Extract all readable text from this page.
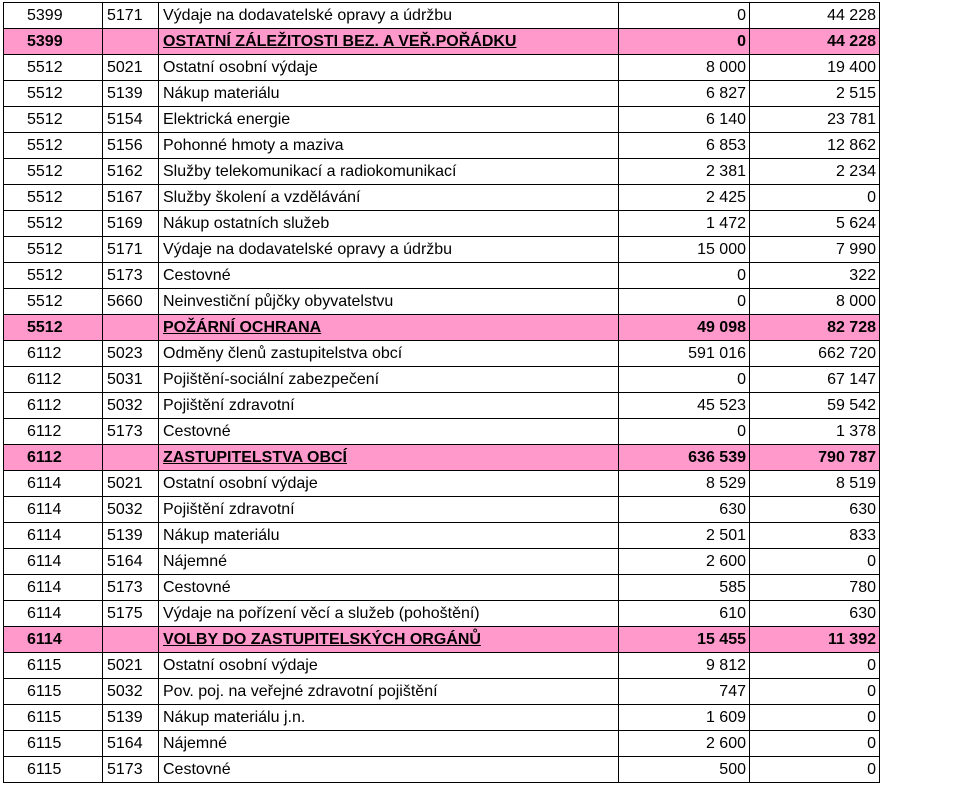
5399	5171	Výdaje na dodavatelské opravy a údržbu	0	44 228	
5399		OSTATNÍ ZÁLEŽITOSTI BEZ. A VEŘ.POŘÁDKU	0	44 228	
5512	5021	Ostatní osobní výdaje	8 000	19 400	
5512	5139	Nákup materiálu	6 827	2 515	
5512	5154	Elektrická energie	6 140	23 781	
5512	5156	Pohonné hmoty a maziva	6 853	12 862	
5512	5162	Služby telekomunikací a radiokomunikací	2 381	2 234	
5512	5167	Služby školení a vzdělávání	2 425	0	
5512	5169	Nákup ostatních služeb	1 472	5 624	
5512	5171	Výdaje na dodavatelské opravy a údržbu	15 000	7 990	
5512	5173	Cestovné	0	322	
5512	5660	Neinvestiční půjčky obyvatelstvu	0	8 000	
5512		POŽÁRNÍ OCHRANA	49 098	82 728	
6112	5023	Odměny členů zastupitelstva obcí	591 016	662 720	
6112	5031	Pojištění-sociální zabezpečení	0	67 147	
6112	5032	Pojištění zdravotní	45 523	59 542	
6112	5173	Cestovné	0	1 378	
6112		ZASTUPITELSTVA OBCÍ	636 539	790 787	
6114	5021	Ostatní osobní výdaje	8 529	8 519	
6114	5032	Pojištění zdravotní	630	630	
6114	5139	Nákup materiálu	2 501	833	
6114	5164	Nájemné	2 600	0	
6114	5173	Cestovné	585	780	
6114	5175	Výdaje na pořízení věcí a služeb (pohoštění)	610	630	
6114		VOLBY DO ZASTUPITELSKÝCH ORGÁNŮ	15 455	11 392	
6115	5021	Ostatní osobní výdaje	9 812	0	
6115	5032	Pov. poj. na veřejné zdravotní pojištění	747	0	
6115	5139	Nákup materiálu j.n.	1 609	0	
6115	5164	Nájemné	2 600	0	
6115	5173	Cestovné	500	0	
